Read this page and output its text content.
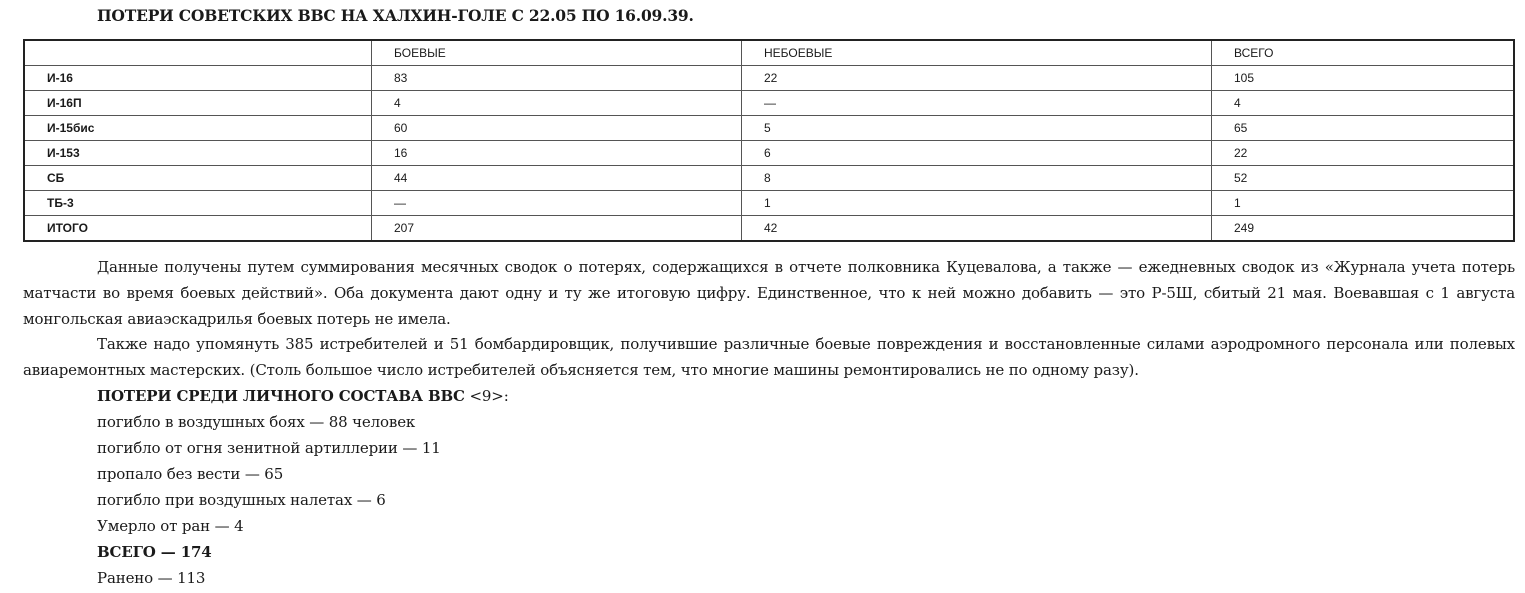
ПОТЕРИ СОВЕТСКИХ ВВС НА ХАЛХИН-ГОЛЕ С 22.05 ПО 16.09.39.
	БОЕВЫЕ	НЕБОЕВЫЕ	ВСЕГО
И-16	83	22	105
И-16П	4	—	4
И-15бис	60	5	65
И-153	16	6	22
СБ	44	8	52
ТБ-3	—	1	1
ИТОГО	207	42	249
Данные получены путем суммирования месячных сводок о потерях, содержащихся в отчете полковника Куцевалова, а также — ежедневных сводок из «Журнала учета потерь матчасти во время боевых действий». Оба документа дают одну и ту же итоговую цифру. Единственное, что к ней можно добавить — это Р-5Ш, сбитый 21 мая. Воевавшая с 1 августа монгольская авиаэскадрилья боевых потерь не имела.
Также надо упомянуть 385 истребителей и 51 бомбардировщик, получившие различные боевые повреждения и восстановленные силами аэродромного персонала или полевых авиаремонтных мастерских. (Столь большое число истребителей объясняется тем, что многие машины ремонтировались не по одному разу).
ПОТЕРИ СРЕДИ ЛИЧНОГО СОСТАВА ВВС <9>:
погибло в воздушных боях — 88 человек
погибло от огня зенитной артиллерии — 11
пропало без вести — 65
погибло при воздушных налетах — 6
Умерло от ран — 4
ВСЕГО — 174
Ранено — 113
